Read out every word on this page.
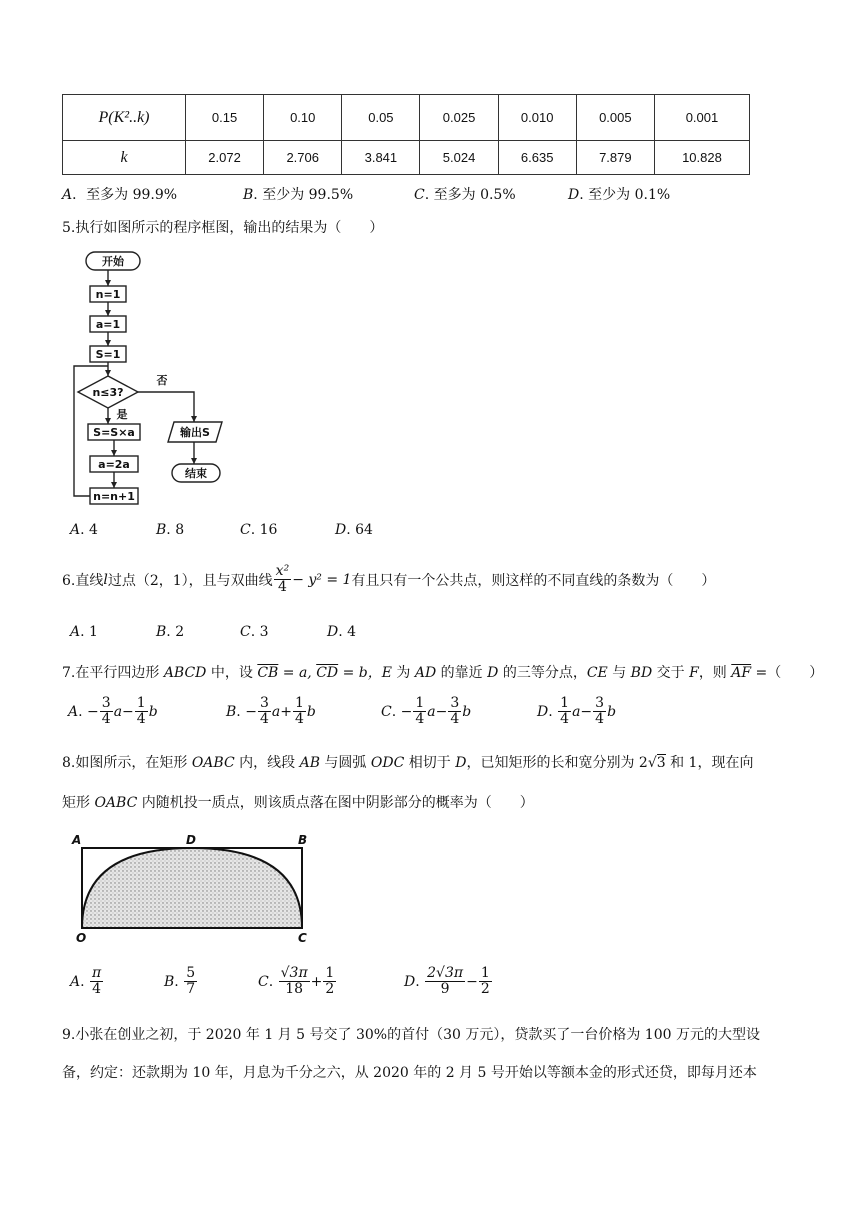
P(K²..k)	0.15	0.10	0.05	0.025	0.010	0.005	0.001
k	2.072	2.706	3.841	5.024	6.635	7.879	10.828
A．至多为 99.9%	B. 至少为 99.5%	C. 至多为 0.5%	D. 至少为 0.1%
5.执行如图所示的程序框图，输出的结果为（　　）
开始
n=1
a=1
S=1
n≤3?
是
否
S=S×a
a=2a
n=n+1
输出S
结束
A. 4	B. 8	C. 16	D. 64
6.直线 l 过点（2，1），且与双曲线 $\frac{\text{x²}}{4} - y^2 = 1$ 有且只有一个公共点，则这样的不同直线的条数为（　　）
A. 1	B. 2	C. 3	D. 4
7.在平行四边形 ABCD 中，设 $\overline{CB} = a$, $\overline{CD} = b$，E 为 AD 的靠近 D 的三等分点，CE 与 BD 交于 F，则 $\overline{AF}$ =（　　）
A . − $\frac{3}{4}$ $a - \frac{1}{4}$ b	B . − $\frac{3}{4}$ $a + \frac{1}{4}$ b	C . − $\frac{1}{4}$ $a - \frac{3}{4}$ b	D . $\frac{1}{4}$ $a - \frac{3}{4}$ b
8.如图所示，在矩形 OABC 内，线段 AB 与圆弧 ODC 相切于 D，已知矩形的长和宽分别为 2√3 和 1，现在向
矩形 OABC 内随机投一质点，则该质点落在图中阴影部分的概率为（　　）
A	D	B
O	C
A . $\frac{\pi}{4}$	B . $\frac{5}{7}$	C . $\frac{√3\pi}{18} + \frac{1}{2}$	D . $\frac{2√3\pi}{9} - \frac{1}{2}$
9.小张在创业之初，于 2020 年 1 月 5 号交了 30%的首付（30 万元），贷款买了一台价格为 100 万元的大型设
备，约定：还款期为 10 年，月息为千分之六，从 2020 年的 2 月 5 号开始以等额本金的形式还贷，即每月还本
